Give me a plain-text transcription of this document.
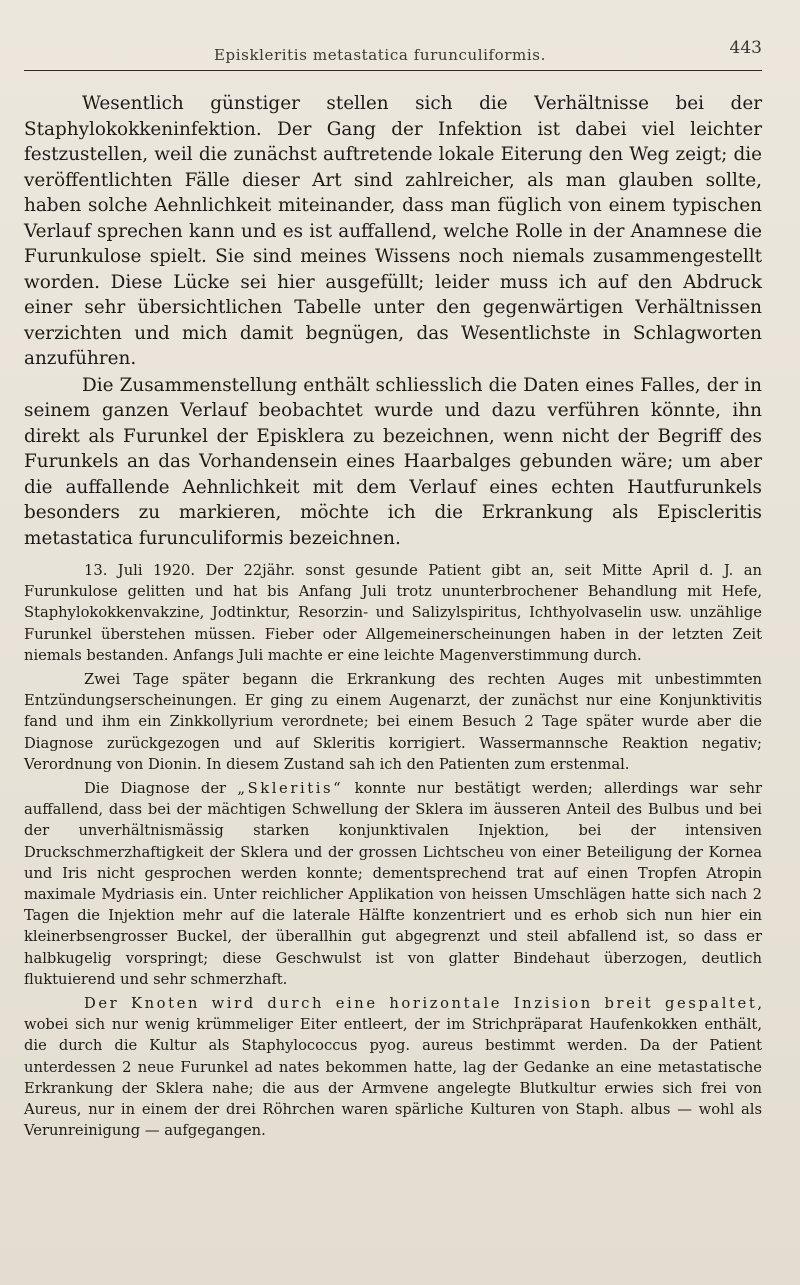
Episkleritis metastatica furunculiformis.	443

Wesentlich günstiger stellen sich die Verhältnisse bei der Staphylokokkeninfektion. Der Gang der Infektion ist dabei viel leichter festzustellen, weil die zunächst auftretende lokale Eiterung den Weg zeigt; die veröffentlichten Fälle dieser Art sind zahlreicher, als man glauben sollte, haben solche Aehnlichkeit miteinander, dass man füglich von einem typischen Verlauf sprechen kann und es ist auffallend, welche Rolle in der Anamnese die Furunkulose spielt. Sie sind meines Wissens noch niemals zusammengestellt worden. Diese Lücke sei hier ausgefüllt; leider muss ich auf den Abdruck einer sehr übersichtlichen Tabelle unter den gegenwärtigen Verhältnissen verzichten und mich damit begnügen, das Wesentlichste in Schlagworten anzuführen.

Die Zusammenstellung enthält schliesslich die Daten eines Falles, der in seinem ganzen Verlauf beobachtet wurde und dazu verführen könnte, ihn direkt als Furunkel der Episklera zu bezeichnen, wenn nicht der Begriff des Furunkels an das Vorhandensein eines Haarbalges gebunden wäre; um aber die auffallende Aehnlichkeit mit dem Verlauf eines echten Hautfurunkels besonders zu markieren, möchte ich die Erkrankung als Episcleritis metastatica furunculiformis bezeichnen.

13. Juli 1920. Der 22jähr. sonst gesunde Patient gibt an, seit Mitte April d. J. an Furunkulose gelitten und hat bis Anfang Juli trotz ununterbrochener Behandlung mit Hefe, Staphylokokkenvakzine, Jodtinktur, Resorzin- und Salizylspiritus, Ichthyolvaselin usw. unzählige Furunkel überstehen müssen. Fieber oder Allgemeinerscheinungen haben in der letzten Zeit niemals bestanden. Anfangs Juli machte er eine leichte Magenverstimmung durch.

Zwei Tage später begann die Erkrankung des rechten Auges mit unbestimmten Entzündungserscheinungen. Er ging zu einem Augenarzt, der zunächst nur eine Konjunktivitis fand und ihm ein Zinkkollyrium verordnete; bei einem Besuch 2 Tage später wurde aber die Diagnose zurückgezogen und auf Skleritis korrigiert. Wassermannsche Reaktion negativ; Verordnung von Dionin. In diesem Zustand sah ich den Patienten zum erstenmal.

Die Diagnose der „Skleritis“ konnte nur bestätigt werden; allerdings war sehr auffallend, dass bei der mächtigen Schwellung der Sklera im äusseren Anteil des Bulbus und bei der unverhältnismässig starken konjunktivalen Injektion, bei der intensiven Druckschmerzhaftigkeit der Sklera und der grossen Lichtscheu von einer Beteiligung der Kornea und Iris nicht gesprochen werden konnte; dementsprechend trat auf einen Tropfen Atropin maximale Mydriasis ein. Unter reichlicher Applikation von heissen Umschlägen hatte sich nach 2 Tagen die Injektion mehr auf die laterale Hälfte konzentriert und es erhob sich nun hier ein kleinerbsengrosser Buckel, der überallhin gut abgegrenzt und steil abfallend ist, so dass er halbkugelig vorspringt; diese Geschwulst ist von glatter Bindehaut überzogen, deutlich fluktuierend und sehr schmerzhaft.

Der Knoten wird durch eine horizontale Inzision breit gespaltet, wobei sich nur wenig krümmeliger Eiter entleert, der im Strichpräparat Haufenkokken enthält, die durch die Kultur als Staphylococcus pyog. aureus bestimmt werden. Da der Patient unterdessen 2 neue Furunkel ad nates bekommen hatte, lag der Gedanke an eine metastatische Erkrankung der Sklera nahe; die aus der Armvene angelegte Blutkultur erwies sich frei von Aureus, nur in einem der drei Röhrchen waren spärliche Kulturen von Staph. albus — wohl als Verunreinigung — aufgegangen.
